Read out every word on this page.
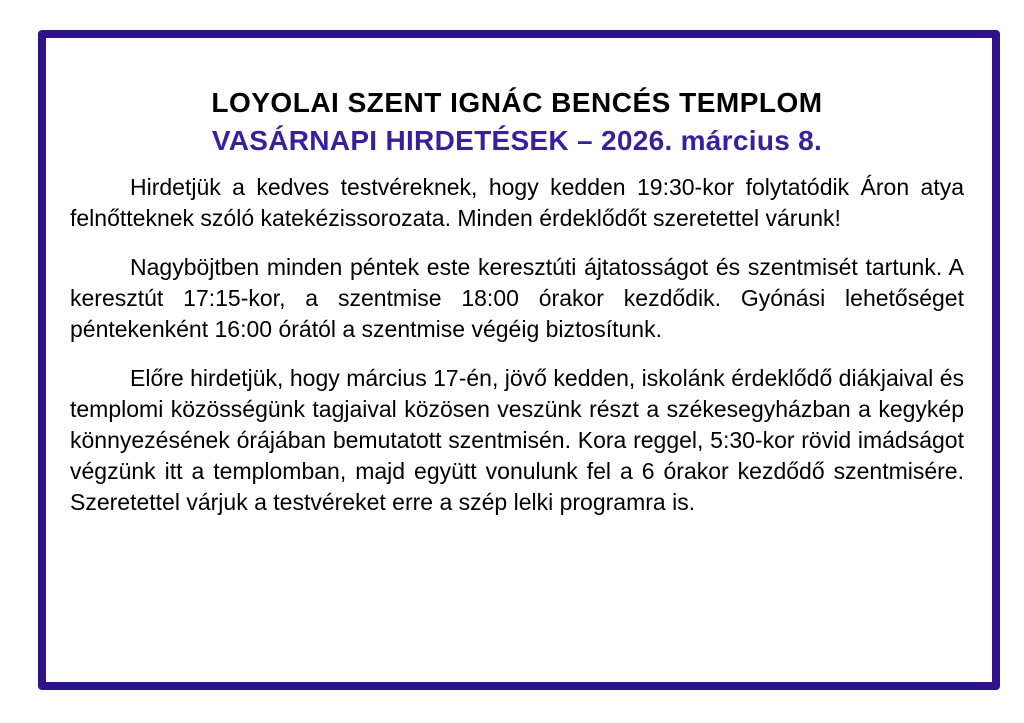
LOYOLAI SZENT IGNÁC BENCÉS TEMPLOM
VASÁRNAPI HIRDETÉSEK – 2026. március 8.

Hirdetjük a kedves testvéreknek, hogy kedden 19:30-kor folytatódik Áron atya felnőtteknek szóló katekézissorozata. Minden érdeklődőt szeretettel várunk!

Nagyböjtben minden péntek este keresztúti ájtatosságot és szentmisét tartunk. A keresztút 17:15-kor, a szentmise 18:00 órakor kezdődik. Gyónási lehetőséget péntekenként 16:00 órától a szentmise végéig biztosítunk.

Előre hirdetjük, hogy március 17-én, jövő kedden, iskolánk érdeklődő diákjaival és templomi közösségünk tagjaival közösen veszünk részt a székesegyházban a kegykép könnyezésének órájában bemutatott szentmisén. Kora reggel, 5:30-kor rövid imádságot végzünk itt a templomban, majd együtt vonulunk fel a 6 órakor kezdődő szentmisére. Szeretettel várjuk a testvéreket erre a szép lelki programra is.
